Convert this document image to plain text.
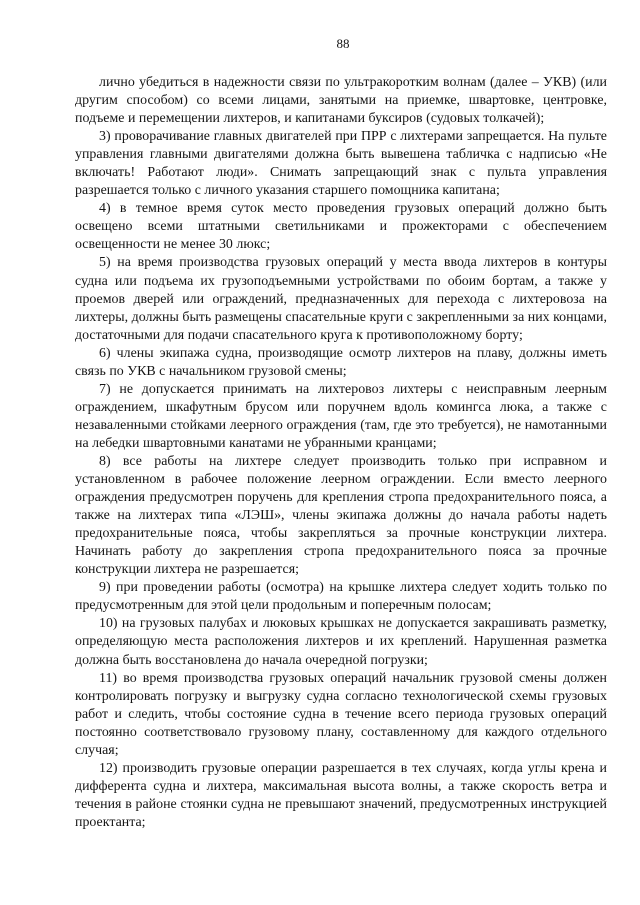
88

лично убедиться в надежности связи по ультракоротким волнам (далее – УКВ) (или другим способом) со всеми лицами, занятыми на приемке, швартовке, центровке, подъеме и перемещении лихтеров, и капитанами буксиров (судовых толкачей);

3) проворачивание главных двигателей при ПРР с лихтерами запрещается. На пульте управления главными двигателями должна быть вывешена табличка с надписью «Не включать! Работают люди». Снимать запрещающий знак с пульта управления разрешается только с личного указания старшего помощника капитана;

4) в темное время суток место проведения грузовых операций должно быть освещено всеми штатными светильниками и прожекторами с обеспечением освещенности не менее 30 люкс;

5) на время производства грузовых операций у места ввода лихтеров в контуры судна или подъема их грузоподъемными устройствами по обоим бортам, а также у проемов дверей или ограждений, предназначенных для перехода с лихтеровоза на лихтеры, должны быть размещены спасательные круги с закрепленными за них концами, достаточными для подачи спасательного круга к противоположному борту;

6) члены экипажа судна, производящие осмотр лихтеров на плаву, должны иметь связь по УКВ с начальником грузовой смены;

7) не допускается принимать на лихтеровоз лихтеры с неисправным леерным ограждением, шкафутным брусом или поручнем вдоль комингса люка, а также с незаваленными стойками леерного ограждения (там, где это требуется), не намотанными на лебедки швартовными канатами не убранными кранцами;

8) все работы на лихтере следует производить только при исправном и установленном в рабочее положение леерном ограждении. Если вместо леерного ограждения предусмотрен поручень для крепления стропа предохранительного пояса, а также на лихтерах типа «ЛЭШ», члены экипажа должны до начала работы надеть предохранительные пояса, чтобы закрепляться за прочные конструкции лихтера. Начинать работу до закрепления стропа предохранительного пояса за прочные конструкции лихтера не разрешается;

9) при проведении работы (осмотра) на крышке лихтера следует ходить только по предусмотренным для этой цели продольным и поперечным полосам;

10) на грузовых палубах и люковых крышках не допускается закрашивать разметку, определяющую места расположения лихтеров и их креплений. Нарушенная разметка должна быть восстановлена до начала очередной погрузки;

11) во время производства грузовых операций начальник грузовой смены должен контролировать погрузку и выгрузку судна согласно технологической схемы грузовых работ и следить, чтобы состояние судна в течение всего периода грузовых операций постоянно соответствовало грузовому плану, составленному для каждого отдельного случая;

12) производить грузовые операции разрешается в тех случаях, когда углы крена и дифферента судна и лихтера, максимальная высота волны, а также скорость ветра и течения в районе стоянки судна не превышают значений, предусмотренных инструкцией проектанта;
